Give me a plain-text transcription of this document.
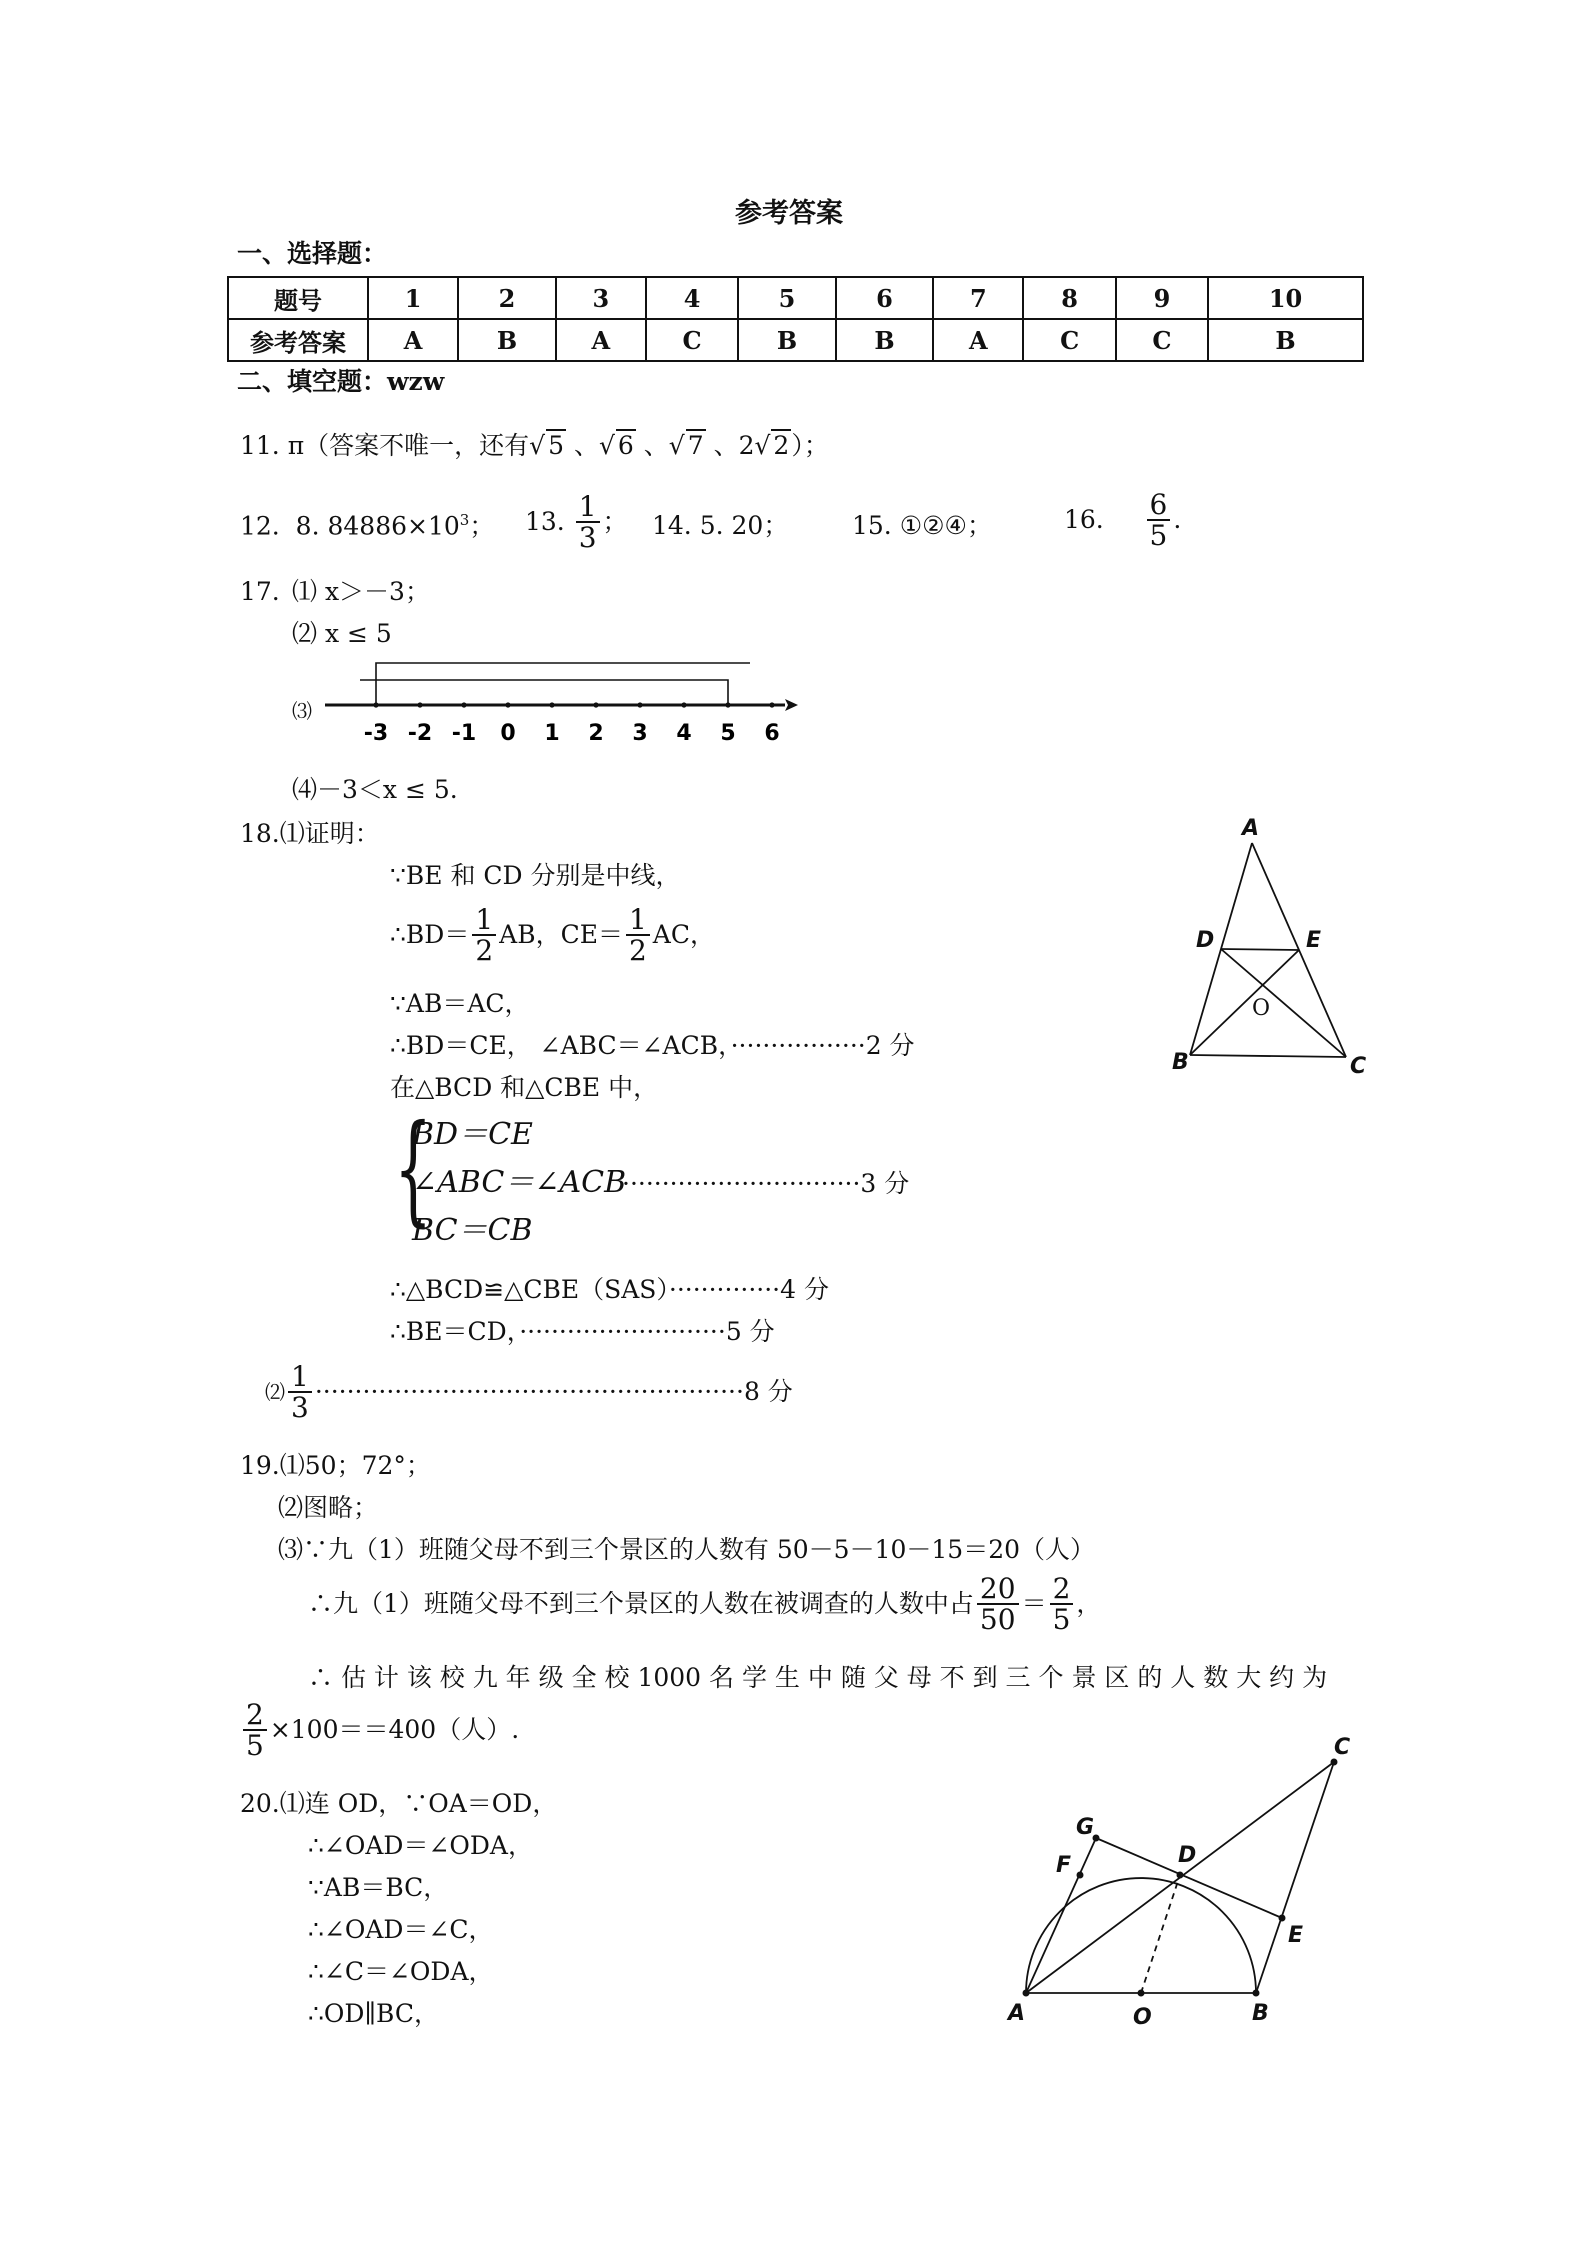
参考答案
一、选择题：
题号	1	2	3	4	5	6	7	8	9	10
参考答案	A	B	A	C	B	B	A	C	C	B
二、填空题：wzw
11. π（答案不唯一，还有√ 5 、√ 6 、√ 7 、2√ 2）；
12. 8. $84886\times 10^3$； 13. $\frac{1}{3}$ ； 14. 5. 20；	15. ①②④；	16. $\frac{6}{5}$ .
17. ⑴ x＞－3；
⑵ x ≤ 5
⑶
-3 -2 -1 0 1 2 3 4 5 6
⑷－3＜x ≤ 5.
18.⑴证明：
∵BE 和 CD 分别是中线，
∴BD＝ $\frac{1}{2}$ AB，$CE= \frac{1}{2}$ AC，
∵AB＝AC，
∴BD＝CE， ∠ABC＝∠ACB，·················2 分
在△BCD 和△CBE 中，
{
BD＝CE
∠ABC＝∠ACB
······························3 分
BC＝CB
∴△BCD≌△CBE（SAS）··············4 分
∴BE＝CD，··························5 分
⑵ $\frac{1}{3} \cdot\cdot\cdot\cdot\cdot\cdot\cdot\cdot\cdot\cdot\cdot\cdot\cdot\cdot\cdot\cdot\cdot\cdot\cdot\cdot\cdot\cdot\cdot\cdot\cdot\cdot\cdot\cdot\cdot\cdot\cdot\cdot\cdot\cdot\cdot\cdot\cdot\cdot\cdot\cdot\cdot\cdot\cdot\cdot\cdot\cdot\cdot\cdot\cdot\cdot\cdot\cdot\cdot\cdot 8$ 分
A
B	C
D	E
O
19.⑴50；72°；
⑵图略；
⑶∵九（1）班随父母不到三个景区的人数有 50－5－10－15＝20（人）
∴九（1）班随父母不到三个景区的人数在被调查的人数中占 $\frac{20}{50} = \frac{2}{5}$ ，
∴ 估 计 该 校 九 年 级 全 校 1000 名 学 生 中 随 父 母 不 到 三 个 景 区 的 人 数 大 约 为
$\frac{2}{5} \times 100==400$（人）.
20.⑴连 OD，∵OA＝OD，
∴∠OAD＝∠ODA，
∵AB＝BC，
∴∠OAD＝∠C，
∴∠C＝∠ODA，
∴OD∥BC，	A	O	B
C
D
E
F
G
